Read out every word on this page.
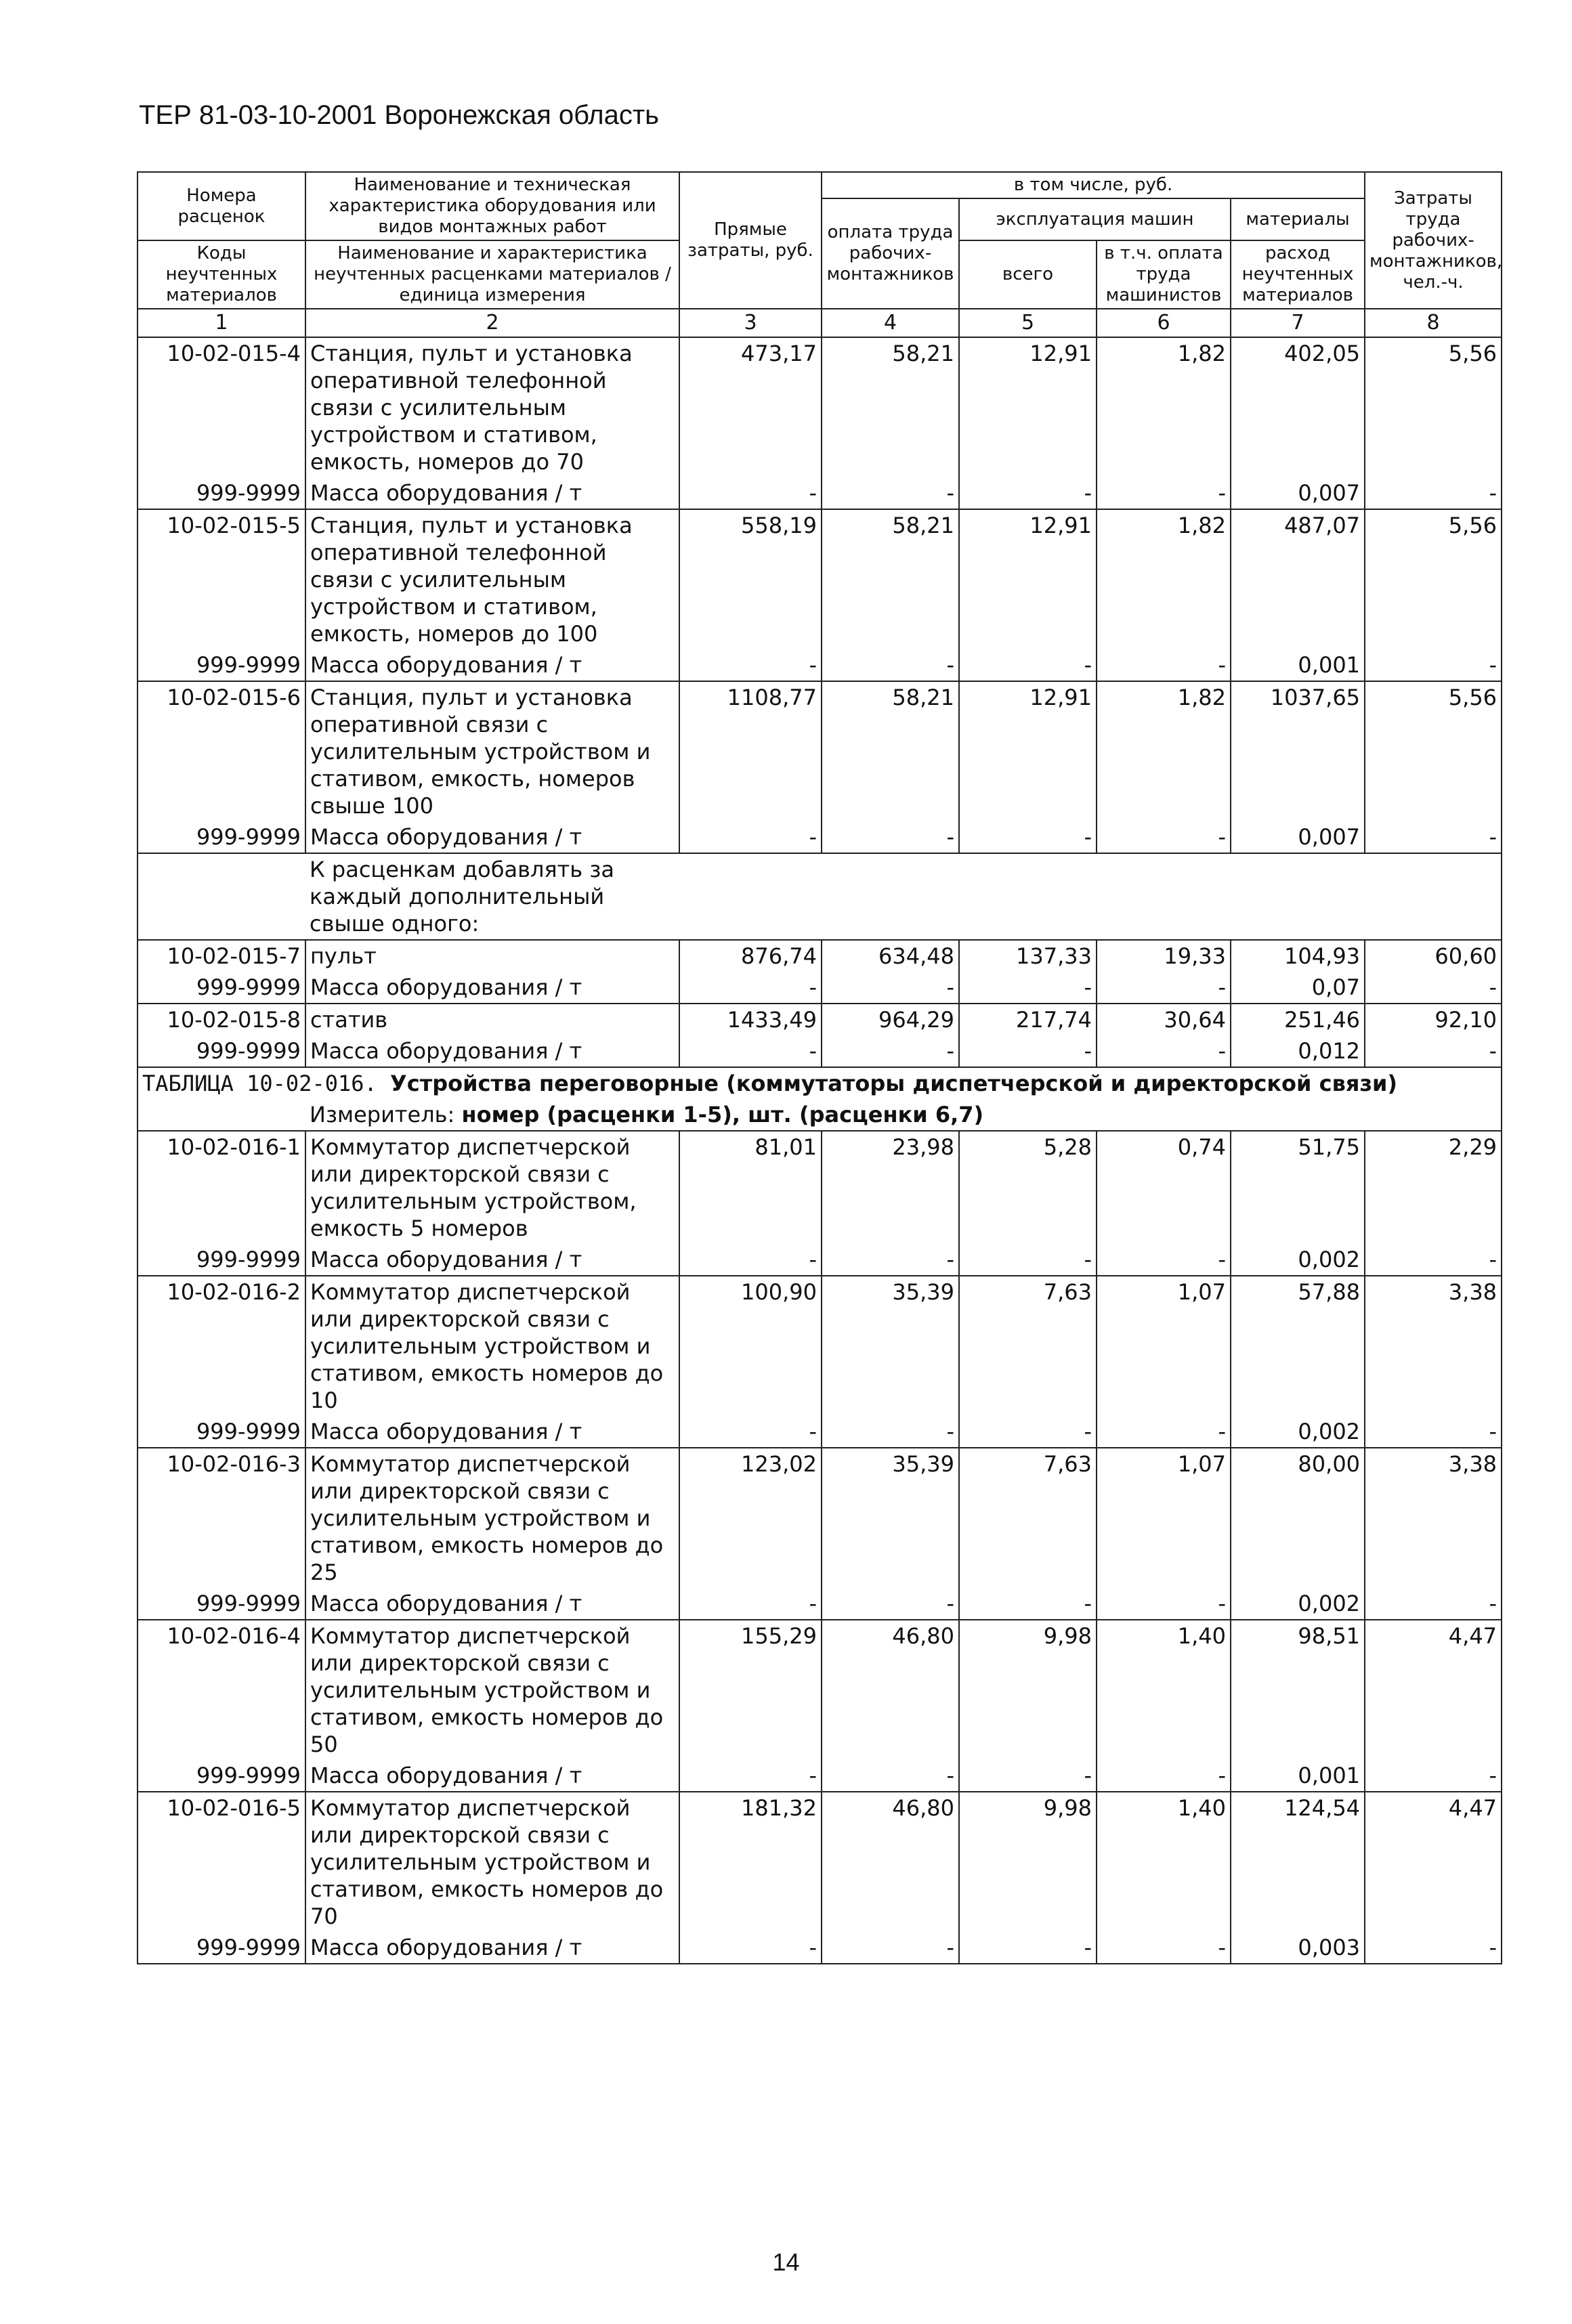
ТЕР 81-03-10-2001 Воронежская область
Номера расценок	Наименование и техническая характеристика оборудования или видов монтажных работ	Прямые затраты, руб.	в том числе, руб.				Затраты труда рабочих-монтажников, чел.-ч.
			оплата труда рабочих-монтажников	эксплуатация машин		материалы	
Коды неучтенных материалов	Наименование и характеристика неучтенных расценками материалов / единица измерения			всего	в т.ч. оплата труда машинистов	расход неучтенных материалов	

1	2	3	4	5	6	7	8
10-02-015-4	Станция, пульт и установка оперативной телефонной связи с усилительным устройством и стативом, емкость, номеров до 70	473,17	58,21	12,91	1,82	402,05	5,56
999-9999	Масса оборудования / т	-	-	-	-	0,007	-
10-02-015-5	Станция, пульт и установка оперативной телефонной связи с усилительным устройством и стативом, емкость, номеров до 100	558,19	58,21	12,91	1,82	487,07	5,56
999-9999	Масса оборудования / т	-	-	-	-	0,001	-
10-02-015-6	Станция, пульт и установка оперативной связи с усилительным устройством и стативом, емкость, номеров свыше 100	1108,77	58,21	12,91	1,82	1037,65	5,56
999-9999	Масса оборудования / т	-	-	-	-	0,007	-
	К расценкам добавлять за каждый дополнительный свыше одного:						
10-02-015-7	пульт	876,74	634,48	137,33	19,33	104,93	60,60
999-9999	Масса оборудования / т	-	-	-	-	0,07	-
10-02-015-8	статив	1433,49	964,29	217,74	30,64	251,46	92,10
999-9999	Масса оборудования / т	-	-	-	-	0,012	-
ТАБЛИЦА 10-02-016. Устройства переговорные (коммутаторы диспетчерской и директорской связи)							
	Измеритель: номер (расценки 1-5), шт. (расценки 6,7)						
10-02-016-1	Коммутатор диспетчерской или директорской связи с усилительным устройством, емкость 5 номеров	81,01	23,98	5,28	0,74	51,75	2,29
999-9999	Масса оборудования / т	-	-	-	-	0,002	-
10-02-016-2	Коммутатор диспетчерской или директорской связи с усилительным устройством и стативом, емкость номеров до 10	100,90	35,39	7,63	1,07	57,88	3,38
999-9999	Масса оборудования / т	-	-	-	-	0,002	-
10-02-016-3	Коммутатор диспетчерской или директорской связи с усилительным устройством и стативом, емкость номеров до 25	123,02	35,39	7,63	1,07	80,00	3,38
999-9999	Масса оборудования / т	-	-	-	-	0,002	-
10-02-016-4	Коммутатор диспетчерской или директорской связи с усилительным устройством и стативом, емкость номеров до 50	155,29	46,80	9,98	1,40	98,51	4,47
999-9999	Масса оборудования / т	-	-	-	-	0,001	-
10-02-016-5	Коммутатор диспетчерской или директорской связи с усилительным устройством и стативом, емкость номеров до 70	181,32	46,80	9,98	1,40	124,54	4,47
999-9999	Масса оборудования / т	-	-	-	-	0,003	-
14
